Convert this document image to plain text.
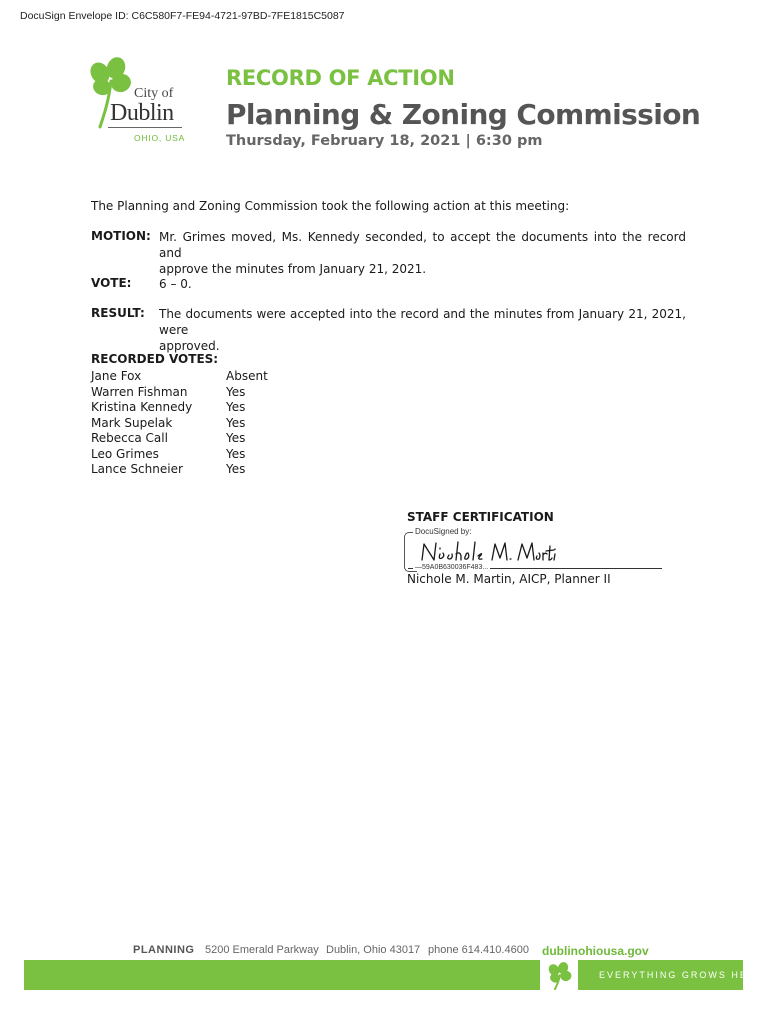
DocuSign Envelope ID: C6C580F7-FE94-4721-97BD-7FE1815C5087
City of
Dublin
OHIO, USA
RECORD OF ACTION
Planning & Zoning Commission
Thursday, February 18, 2021 | 6:30 pm
The Planning and Zoning Commission took the following action at this meeting:
MOTION: Mr. Grimes moved, Ms. Kennedy seconded, to accept the documents into the record and
approve the minutes from January 21, 2021.
VOTE: 6 – 0.
RESULT: The documents were accepted into the record and the minutes from January 21, 2021, were
approved.
RECORDED VOTES:
Jane Fox	Absent
Warren Fishman	Yes
Kristina Kennedy	Yes
Mark Supelak	Yes
Rebecca Call	Yes
Leo Grimes	Yes
Lance Schneier	Yes
STAFF CERTIFICATION
DocuSigned by:
—59A0B630036F483...
Nichole M. Martin, AICP, Planner II
PLANNING 5200 Emerald Parkway Dublin, Ohio 43017 phone 614.410.4600 dublinohiousa.gov
EVERYTHING GROWS HERE.
